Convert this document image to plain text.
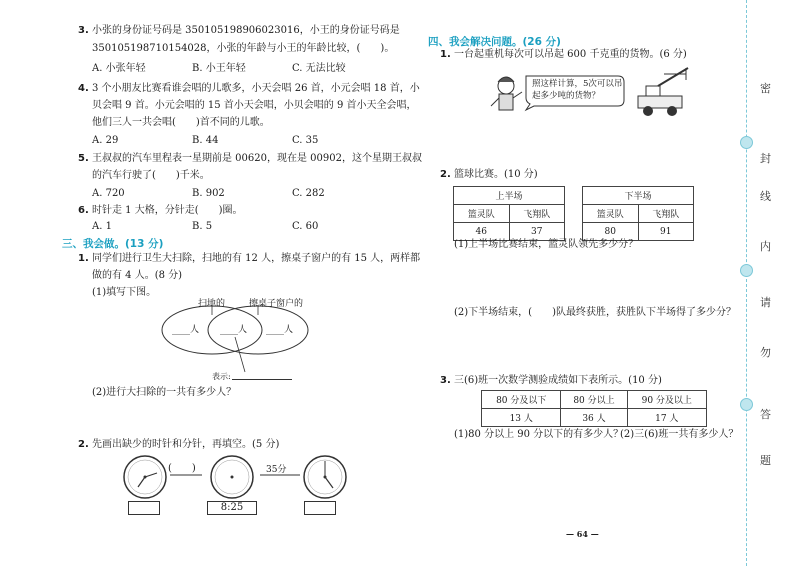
3. 小张的身份证号码是 350105198906023016，小王的身份证号码是
350105198710154028，小张的年龄与小王的年龄比较，(　　)。
A. 小张年轻	B. 小王年轻	C. 无法比较
4. 3 个小朋友比赛看谁会唱的儿歌多，小天会唱 26 首，小元会唱 18 首，小
贝会唱 9 首。小元会唱的 15 首小天会唱，小贝会唱的 9 首小天全会唱，
他们三人一共会唱(　　)首不同的儿歌。
A. 29	B. 44	C. 35
5. 王叔叔的汽车里程表一星期前是 00620，现在是 00902，这个星期王叔叔
的汽车行驶了(　　)千米。
A. 720	B. 902	C. 282
6. 时针走 1 大格，分针走(　　)圈。
A. 1	B. 5	C. 60
三、我会做。(13 分)
1. 同学们进行卫生大扫除，扫地的有 12 人，擦桌子窗户的有 15 人，两样都
做的有 4 人。(8 分)
(1)填写下图。
扫地的	擦桌子窗户的
____人 ____人 ____人
表示:
(2)进行大扫除的一共有多少人？
2. 先画出缺少的时针和分针，再填空。(5 分)
(　　)	35分
8:25
四、我会解决问题。(26 分)
1. 一台起重机每次可以吊起 600 千克重的货物。(6 分)
照这样计算，5次可以吊
起多少吨的货物？
2. 篮球比赛。(10 分)
上半场	
篮灵队	飞翔队
46	37
下半场	
篮灵队	飞翔队
80	91
(1)上半场比赛结束，篮灵队领先多少分？
(2)下半场结束，(　　)队最终获胜，获胜队下半场得了多少分？
3. 三(6)班一次数学测验成绩如下表所示。(10 分)
80 分及以下	80 分以上	90 分及以上
13 人	36 人	17 人
(1)80 分以上 90 分以下的有多少人？
(2)三(6)班一共有多少人？
— 64 —
密
封
线
内
请
勿
答
题
